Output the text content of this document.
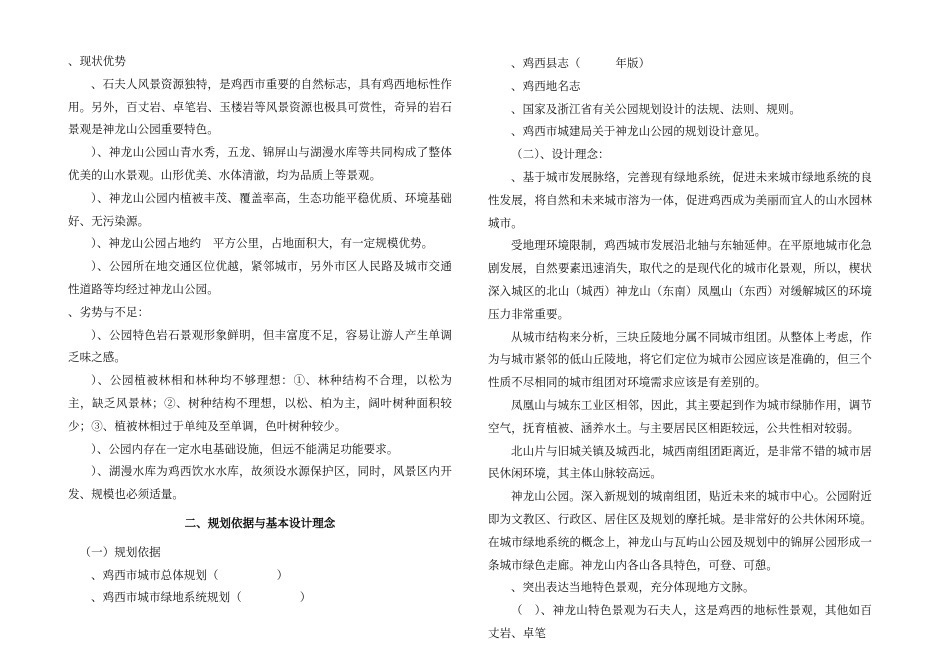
、现状优势

、石夫人风景资源独特，是鸡西市重要的自然标志，具有鸡西地标性作用。另外，百丈岩、卓笔岩、玉楼岩等风景资源也极具可赏性，奇异的岩石景观是神龙山公园重要特色。

）、神龙山公园山青水秀，五龙、锦屏山与湖漫水库等共同构成了整体优美的山水景观。山形优美、水体清澈，均为品质上等景观。

）、神龙山公园内植被丰茂、覆盖率高，生态功能平稳优质、环境基础好、无污染源。

）、神龙山公园占地约　平方公里，占地面积大，有一定规模优势。

）、公园所在地交通区位优越，紧邻城市，另外市区人民路及城市交通性道路等均经过神龙山公园。

、劣势与不足：

）、公园特色岩石景观形象鲜明，但丰富度不足，容易让游人产生单调乏味之感。

）、公园植被林相和林种均不够理想：①、林种结构不合理，以松为主，缺乏风景林；②、树种结构不理想，以松、柏为主，阔叶树种面积较少；③、植被林相过于单纯及至单调，色叶树种较少。

）、公园内存在一定水电基础设施，但远不能满足功能要求。

）、湖漫水库为鸡西饮水水库，故须设水源保护区，同时，风景区内开发、规模也必须适量。

二、规划依据与基本设计理念

（一）规划依据

、鸡西市城市总体规划（　　　　　）

、鸡西市城市绿地系统规划（　　　　　）

、鸡西县志（　　　年版）

、鸡西地名志

、国家及浙江省有关公园规划设计的法规、法则、规则。

、鸡西市城建局关于神龙山公园的规划设计意见。

（二）、设计理念：

、基于城市发展脉络，完善现有绿地系统，促进未来城市绿地系统的良性发展，将自然和未来城市溶为一体，促进鸡西成为美丽而宜人的山水园林城市。

受地理环境限制，鸡西城市发展沿北轴与东轴延伸。在平原地城市化急剧发展，自然要素迅速消失，取代之的是现代化的城市化景观，所以，楔状深入城区的北山（城西）神龙山（东南）凤凰山（东西）对缓解城区的环境压力非常重要。

从城市结构来分析，三块丘陵地分属不同城市组团。从整体上考虑，作为与城市紧邻的低山丘陵地，将它们定位为城市公园应该是准确的，但三个性质不尽相同的城市组团对环境需求应该是有差别的。

凤凰山与城东工业区相邻，因此，其主要起到作为城市绿肺作用，调节空气，抚育植被、涵养水土。与主要居民区相距较远，公共性相对较弱。

北山片与旧城关镇及城西北，城西南组团距离近，是非常不错的城市居民休闲环境，其主体山脉较高远。

神龙山公园。深入新规划的城南组团，贴近未来的城市中心。公园附近即为文教区、行政区、居住区及规划的摩托城。是非常好的公共休闲环境。在城市绿地系统的概念上，神龙山与瓦屿山公园及规划中的锦屏公园形成一条城市绿色走廊。神龙山内各山各具特色，可登、可憩。

、突出表达当地特色景观，充分体现地方文脉。

（　）、神龙山特色景观为石夫人，这是鸡西的地标性景观，其他如百丈岩、卓笔
